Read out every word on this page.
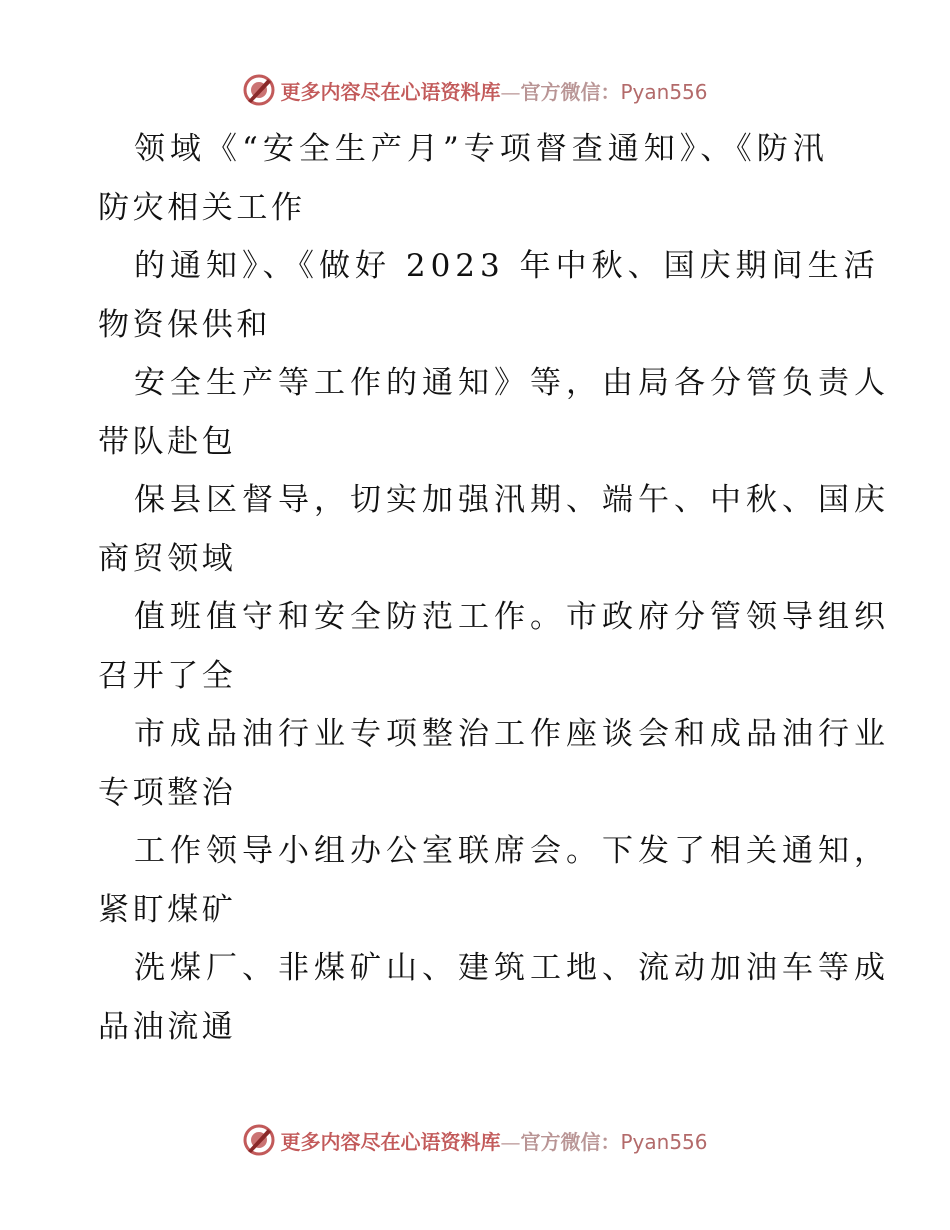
更多内容尽在心语资料库—官方微信：Pyan556
领域《“安全生产月”专项督查通知》、《防汛
防灾相关工作
的通知》、《做好 2023 年中秋、国庆期间生活
物资保供和
安全生产等工作的通知》等，由局各分管负责人
带队赴包
保县区督导，切实加强汛期、端午、中秋、国庆
商贸领域
值班值守和安全防范工作。市政府分管领导组织
召开了全
市成品油行业专项整治工作座谈会和成品油行业
专项整治
工作领导小组办公室联席会。下发了相关通知，
紧盯煤矿
洗煤厂、非煤矿山、建筑工地、流动加油车等成
品油流通
更多内容尽在心语资料库—官方微信：Pyan556
